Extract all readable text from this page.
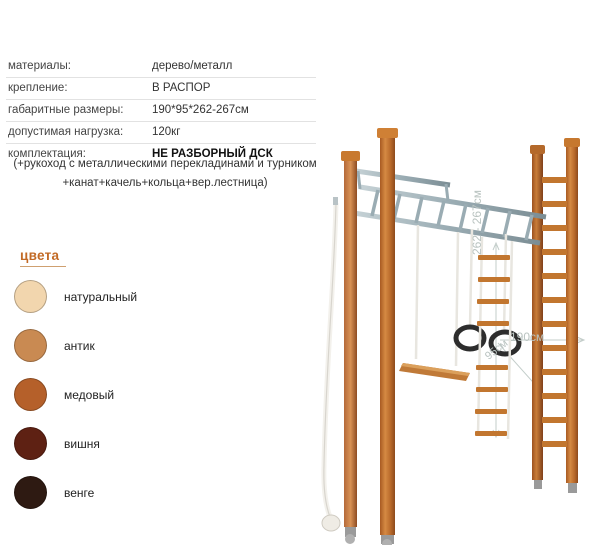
материалы:	дерево/металл
крепление:	В РАСПОР
габаритные размеры:	190*95*262-267см
допустимая нагрузка:	120кг
комплектация:	НЕ РАЗБОРНЫЙ ДСК
(+рукоход с металлическими перекладинами и турником
+канат+качель+кольца+вер.лестница)
цвета
натуральный
антик
медовый
вишня
венге
262 - 267см
190см
95см
